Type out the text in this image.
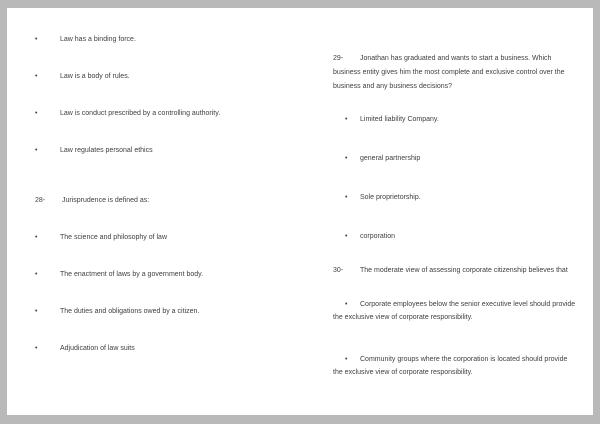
•	Law has a binding force.
•	Law is a body of rules.
•	Law is conduct prescribed by a controlling authority.
•	Law regulates personal ethics
28- Jurisprudence is defined as:
•	The science and philosophy of law
•	The enactment of laws by a government body.
•	The duties and obligations owed by a citizen.
•	Adjudication of law suits
29- Jonathan has graduated and wants to start a business. Which business entity gives him the most complete and exclusive control over the business and any business decisions?
• Limited liability Company.
• general partnership
• Sole proprietorship.
• corporation
30- The moderate view of assessing corporate citizenship believes that
• Corporate employees below the senior executive level should provide the exclusive view of corporate responsibility.
• Community groups where the corporation is located should provide the exclusive view of corporate responsibility.
